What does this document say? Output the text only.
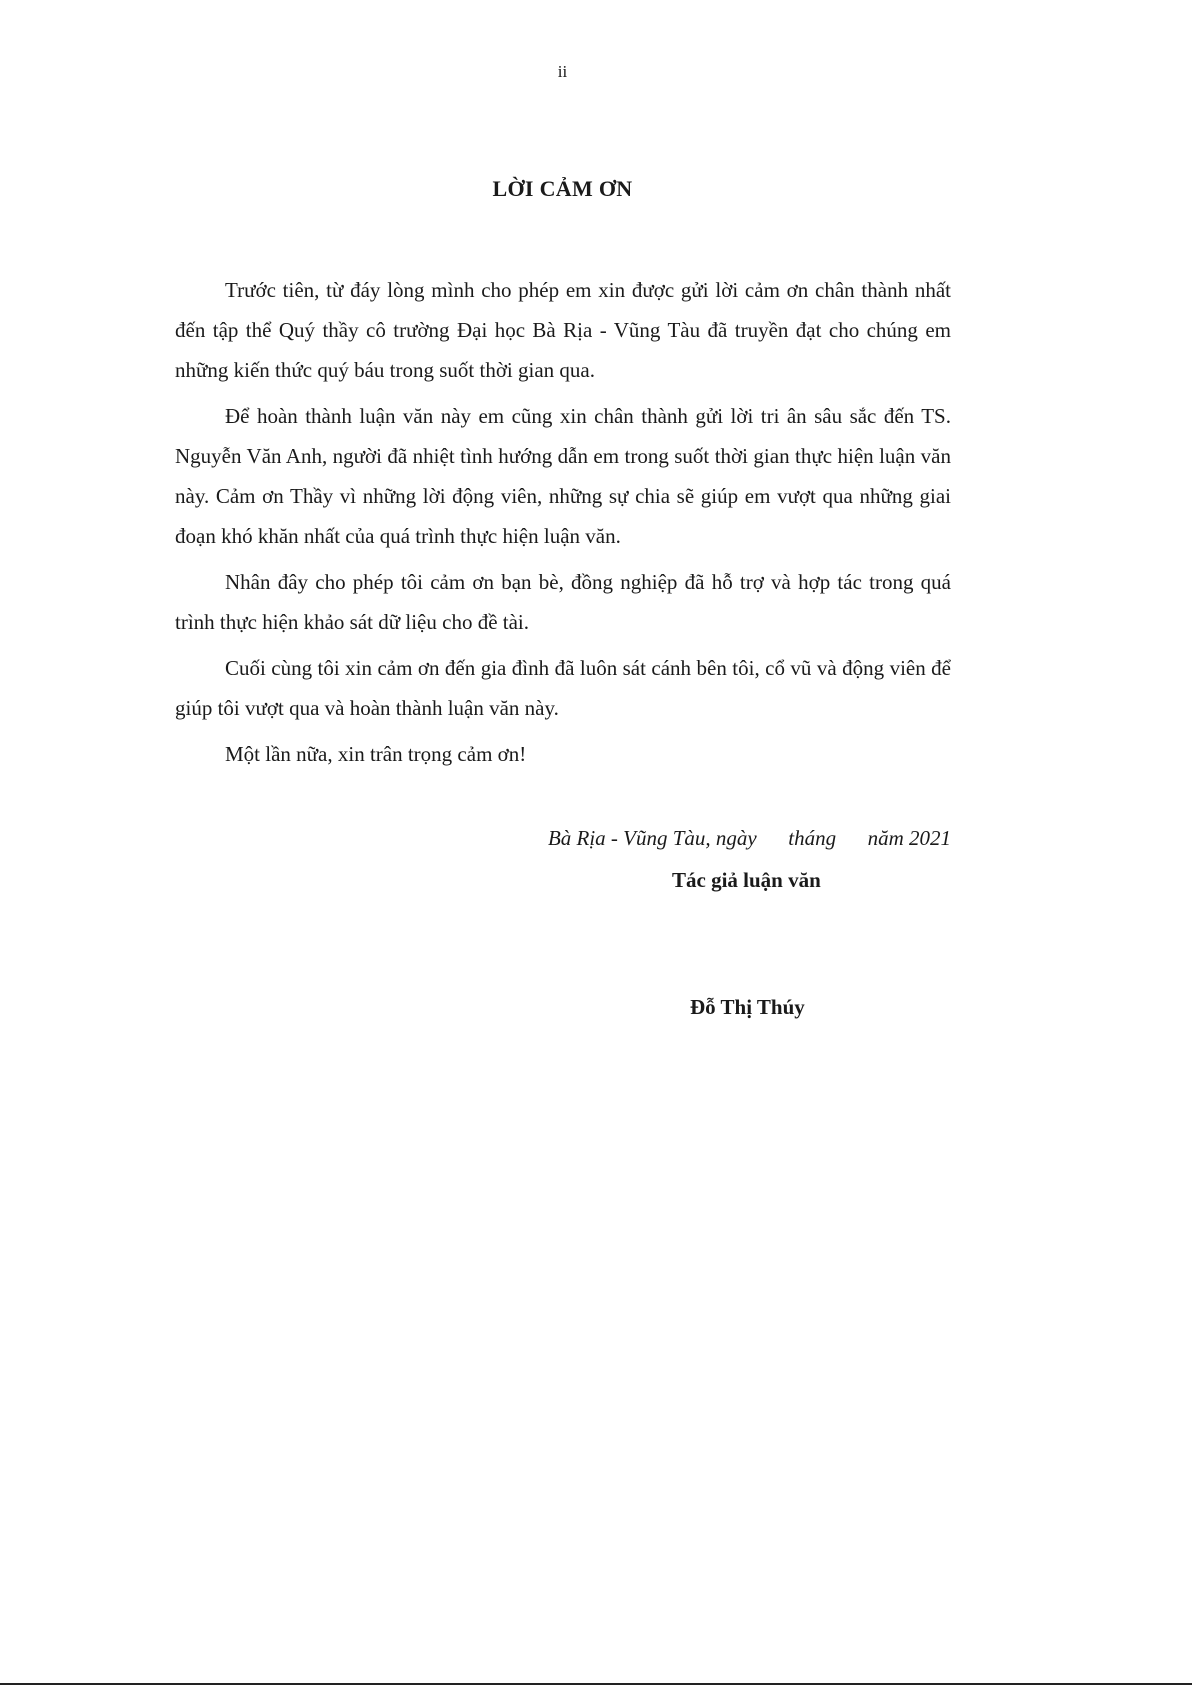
ii
LỜI CẢM ƠN

Trước tiên, từ đáy lòng mình cho phép em xin được gửi lời cảm ơn chân thành nhất đến tập thể Quý thầy cô trường Đại học Bà Rịa - Vũng Tàu đã truyền đạt cho chúng em những kiến thức quý báu trong suốt thời gian qua.

Để hoàn thành luận văn này em cũng xin chân thành gửi lời tri ân sâu sắc đến TS. Nguyễn Văn Anh, người đã nhiệt tình hướng dẫn em trong suốt thời gian thực hiện luận văn này. Cảm ơn Thầy vì những lời động viên, những sự chia sẽ giúp em vượt qua những giai đoạn khó khăn nhất của quá trình thực hiện luận văn.

Nhân đây cho phép tôi cảm ơn bạn bè, đồng nghiệp đã hỗ trợ và hợp tác trong quá trình thực hiện khảo sát dữ liệu cho đề tài.

Cuối cùng tôi xin cảm ơn đến gia đình đã luôn sát cánh bên tôi, cổ vũ và động viên để giúp tôi vượt qua và hoàn thành luận văn này.

Một lần nữa, xin trân trọng cảm ơn!

Bà Rịa - Vũng Tàu, ngày      tháng      năm 2021
Tác giả luận văn
Đỗ Thị Thúy
